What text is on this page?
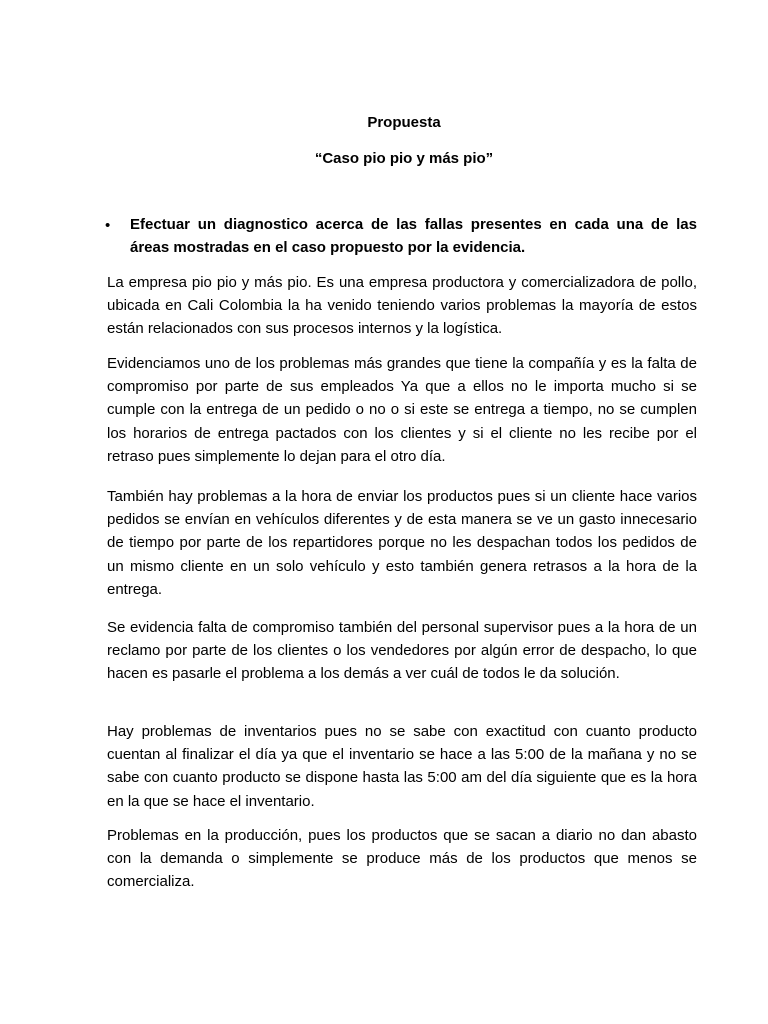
Propuesta
“Caso pio pio y más pio”
• Efectuar un diagnostico acerca de las fallas presentes en cada una de las áreas mostradas en el caso propuesto por la evidencia.

La empresa pio pio y más pio. Es una empresa productora y comercializadora de pollo, ubicada en Cali Colombia la ha venido teniendo varios problemas la mayoría de estos están relacionados con sus procesos internos y la logística.

Evidenciamos uno de los problemas más grandes que tiene la compañía y es la falta de compromiso por parte de sus empleados Ya que a ellos no le importa mucho si se cumple con la entrega de un pedido o no o si este se entrega a tiempo, no se cumplen los horarios de entrega pactados con los clientes y si el cliente no les recibe por el retraso pues simplemente lo dejan para el otro día.

También hay problemas a la hora de enviar los productos pues si un cliente hace varios pedidos se envían en vehículos diferentes y de esta manera se ve un gasto innecesario de tiempo por parte de los repartidores porque no les despachan todos los pedidos de un mismo cliente en un solo vehículo y esto también genera retrasos a la hora de la entrega.

Se evidencia falta de compromiso también del personal supervisor pues a la hora de un reclamo por parte de los clientes o los vendedores por algún error de despacho, lo que hacen es pasarle el problema a los demás a ver cuál de todos le da solución.

Hay problemas de inventarios pues no se sabe con exactitud con cuanto producto cuentan al finalizar el día ya que el inventario se hace a las 5:00 de la mañana y no se sabe con cuanto producto se dispone hasta las 5:00 am del día siguiente que es la hora en la que se hace el inventario.

Problemas en la producción, pues los productos que se sacan a diario no dan abasto con la demanda o simplemente se produce más de los productos que menos se comercializa.
